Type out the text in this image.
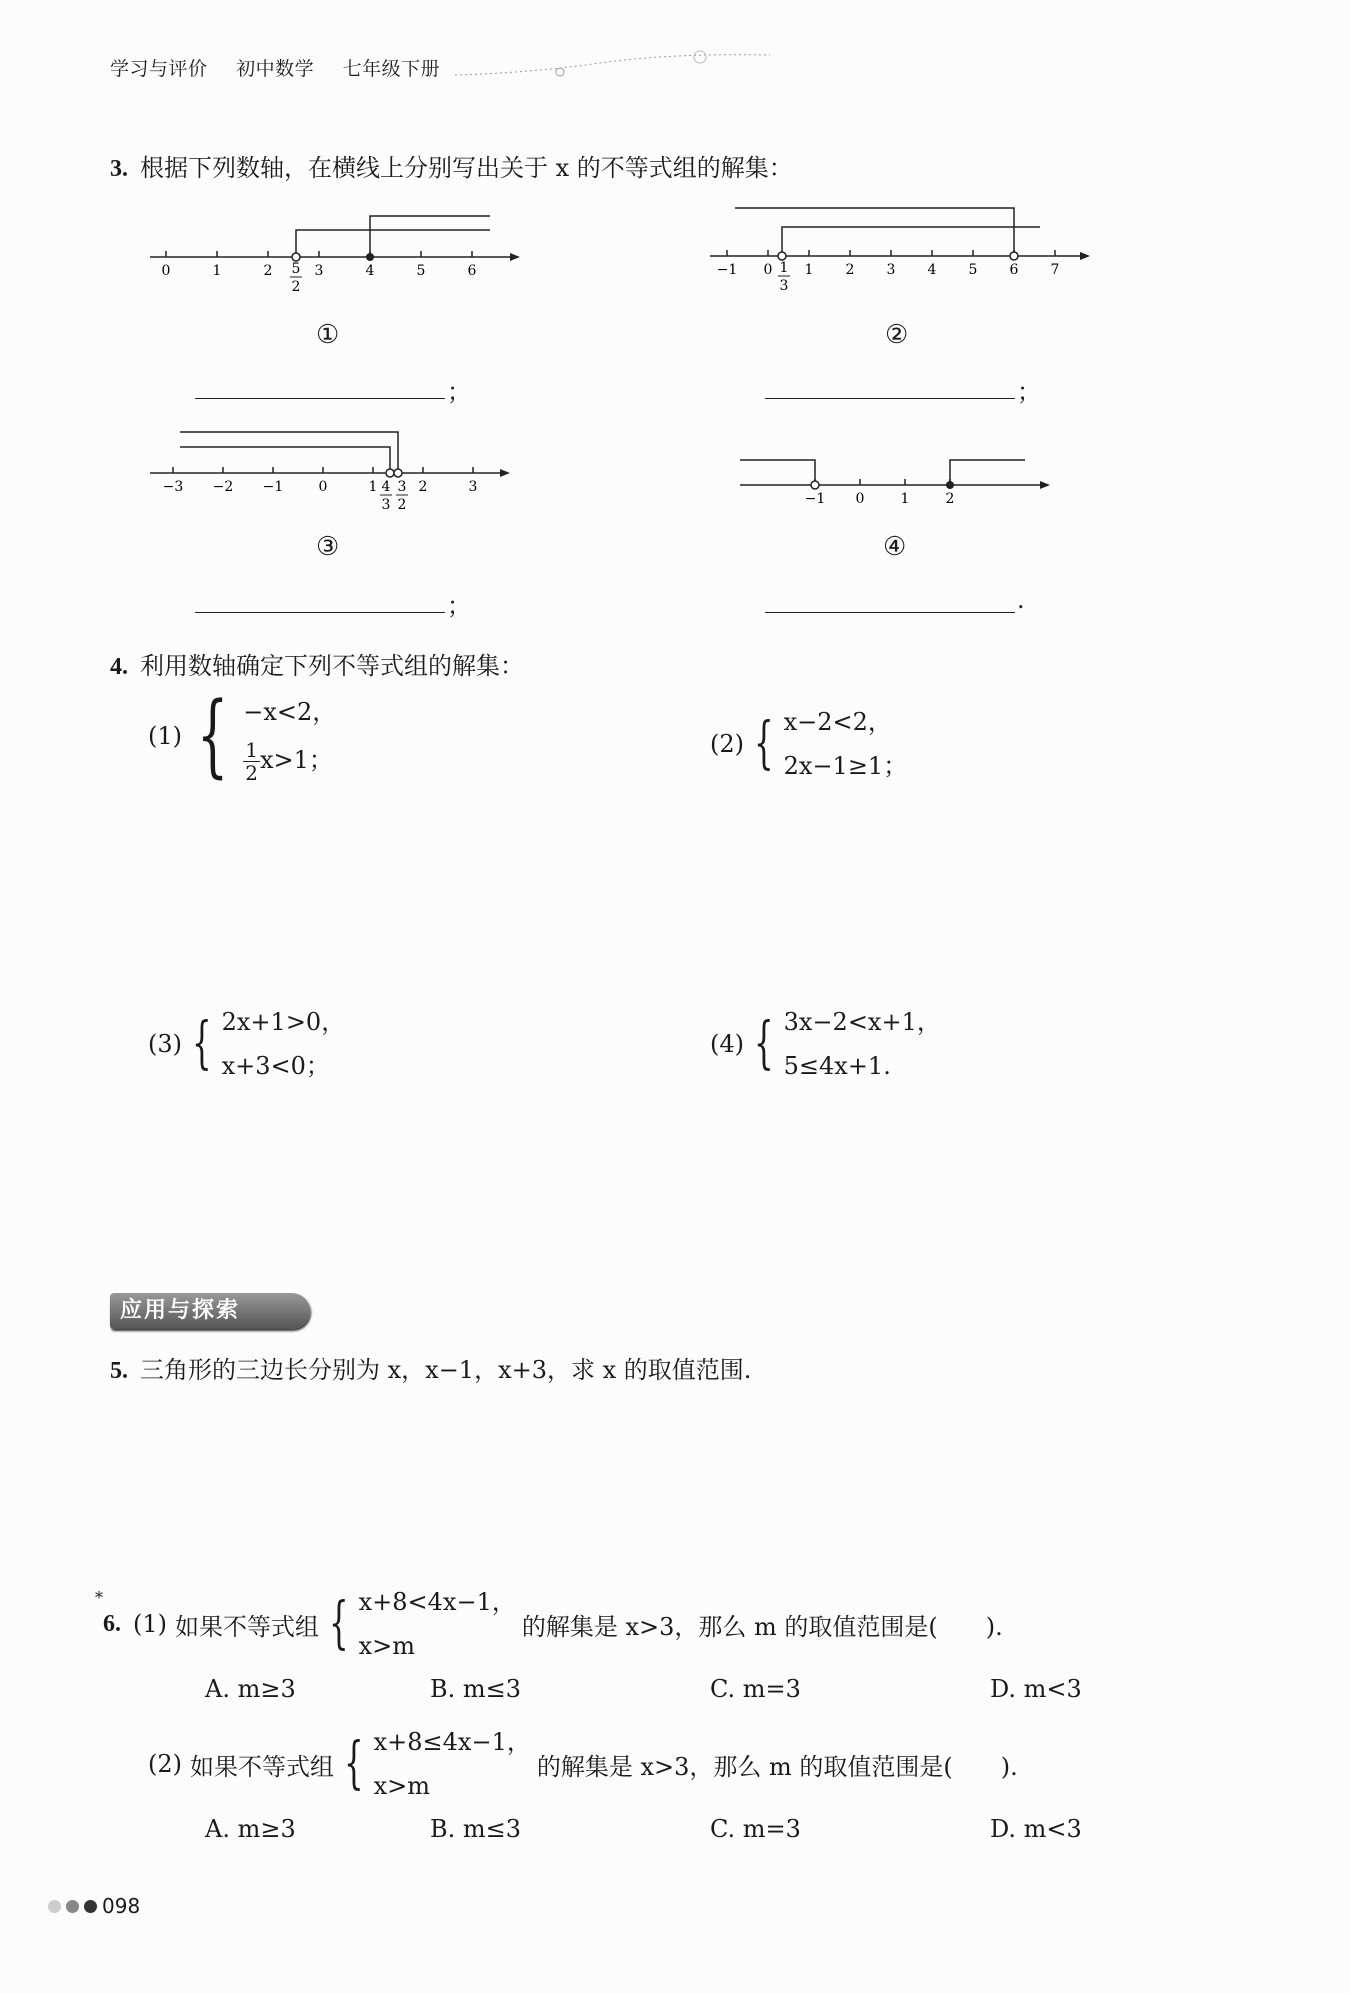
学习与评价 初中数学 七年级下册
3. 根据下列数轴，在横线上分别写出关于 x 的不等式组的解集：
0	1	2	3	4	5	6
5
2
①
−1 0 1 2 3 4 5 6 7
1
3
②
；	；
−3 −2 −1	0	1	2	3
4
3
3
2
③
−1 0	1	2
④
；	.
4. 利用数轴确定下列不等式组的解集：
(1) { −x<2，
$\frac{1}{2} x>1$；
(2) { x−2<2，
2x−1≥1；
(3) { 2x+1>0，
x+3<0；
(4) { 3x−2<x+1，
5≤4x+1.
应用与探索
5. 三角形的三边长分别为 x，x−1，x+3，求 x 的取值范围.
*
6. (1) 如果不等式组 { x+8<4x−1，
x>m
的解集是 x>3，那么 m 的取值范围是(　　).
A. m≥3	B. m≤3	C. m=3	D. m<3
(2) 如果不等式组 { x+8≤4x−1，
x>m
的解集是 x>3，那么 m 的取值范围是(　　).
A. m≥3	B. m≤3	C. m=3	D. m<3
098
